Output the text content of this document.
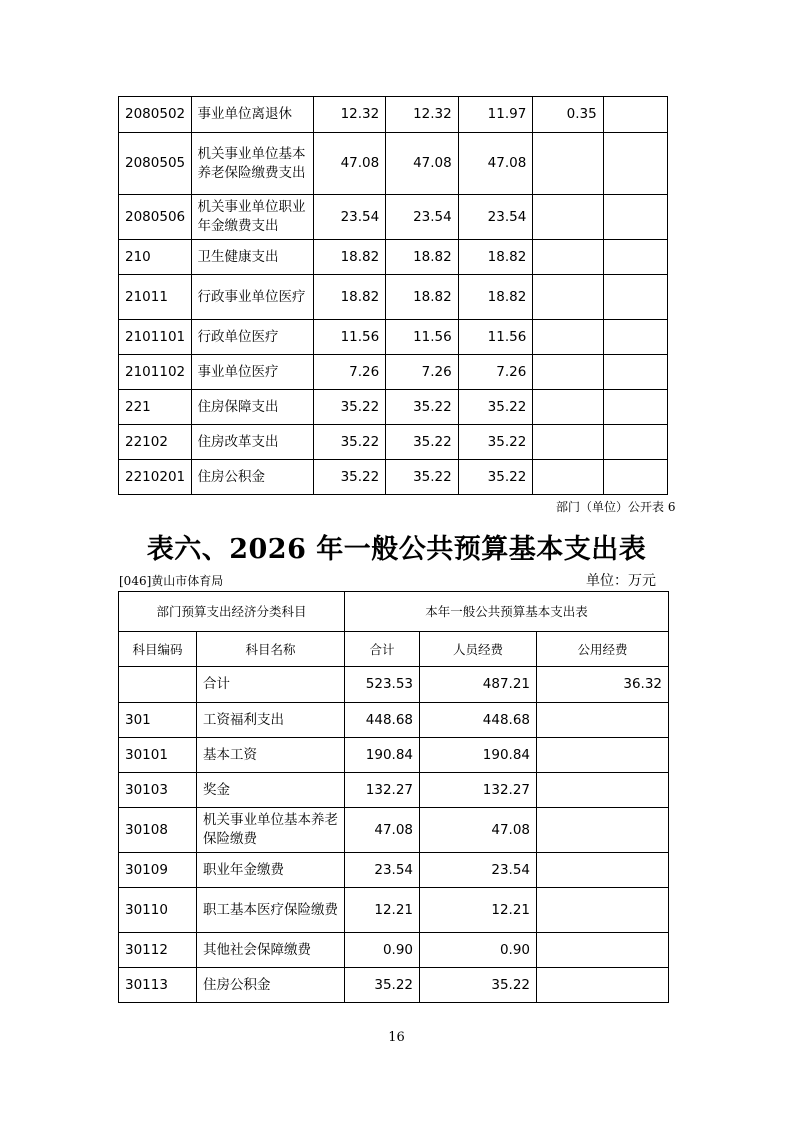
2080502	事业单位离退休	12.32	12.32	11.97	0.35	
2080505	机关事业单位基本养老保险缴费支出	47.08	47.08	47.08		
2080506	机关事业单位职业年金缴费支出	23.54	23.54	23.54		
210	卫生健康支出	18.82	18.82	18.82		
21011	行政事业单位医疗	18.82	18.82	18.82		
2101101	行政单位医疗	11.56	11.56	11.56		
2101102	事业单位医疗	7.26	7.26	7.26		
221	住房保障支出	35.22	35.22	35.22		
22102	住房改革支出	35.22	35.22	35.22		
2210201	住房公积金	35.22	35.22	35.22		
部门（单位）公开表 6
表六、2026 年一般公共预算基本支出表
[046]黄山市体育局	单位：万元
部门预算支出经济分类科目		本年一般公共预算基本支出表		
科目编码	科目名称	合计	人员经费	公用经费
	合计	523.53	487.21	36.32
301	工资福利支出	448.68	448.68	
30101	基本工资	190.84	190.84	
30103	奖金	132.27	132.27	
30108	机关事业单位基本养老保险缴费	47.08	47.08	
30109	职业年金缴费	23.54	23.54	
30110	职工基本医疗保险缴费	12.21	12.21	
30112	其他社会保障缴费	0.90	0.90	
30113	住房公积金	35.22	35.22	
16
